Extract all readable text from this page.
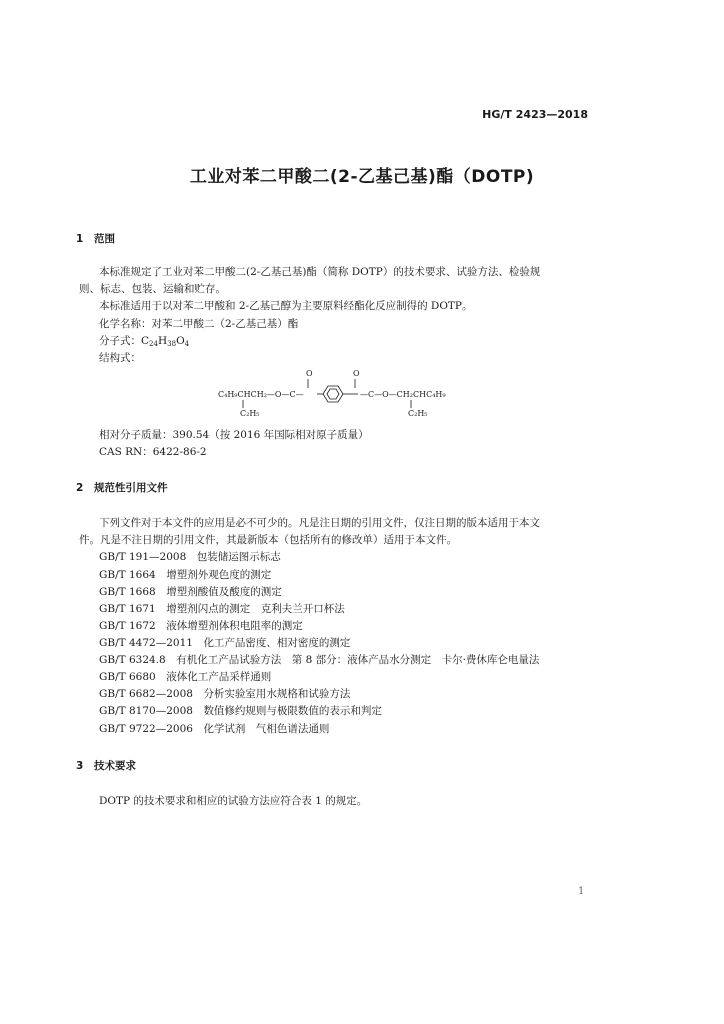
HG/T 2423—2018
工业对苯二甲酸二(2-乙基己基)酯（DOTP)
1 范围
本标准规定了工业对苯二甲酸二(2-乙基己基)酯（简称 DOTP）的技术要求、试验方法、检验规
则、标志、包装、运输和贮存。
本标准适用于以对苯二甲酸和 2-乙基己醇为主要原料经酯化反应制得的 DOTP。
化学名称：对苯二甲酸二（2-乙基己基）酯
分子式：$C_{24}H_{38}O_4$
结构式：
C₄H₉CHCH₂—O—C—
O
—C—O—CH₂CHC₄H₉
O
C₂H₅	C₂H₅
相对分子质量：390.54（按 2016 年国际相对原子质量）
CAS RN：6422-86-2
2 规范性引用文件
下列文件对于本文件的应用是必不可少的。凡是注日期的引用文件，仅注日期的版本适用于本文
件。凡是不注日期的引用文件，其最新版本（包括所有的修改单）适用于本文件。
GB/T 191—2008　 包装储运图示标志
GB/T 1664　 增塑剂外观色度的测定
GB/T 1668　 增塑剂酸值及酸度的测定
GB/T 1671　 增塑剂闪点的测定　克利夫兰开口杯法
GB/T 1672　 液体增塑剂体积电阻率的测定
GB/T 4472—2011　 化工产品密度、相对密度的测定
GB/T 6324.8　 有机化工产品试验方法　第 8 部分：液体产品水分测定　卡尔·费休库仑电量法
GB/T 6680　 液体化工产品采样通则
GB/T 6682—2008　 分析实验室用水规格和试验方法
GB/T 8170—2008　 数值修约规则与极限数值的表示和判定
GB/T 9722—2006　 化学试剂　气相色谱法通则
3 技术要求
DOTP 的技术要求和相应的试验方法应符合表 1 的规定。
1
